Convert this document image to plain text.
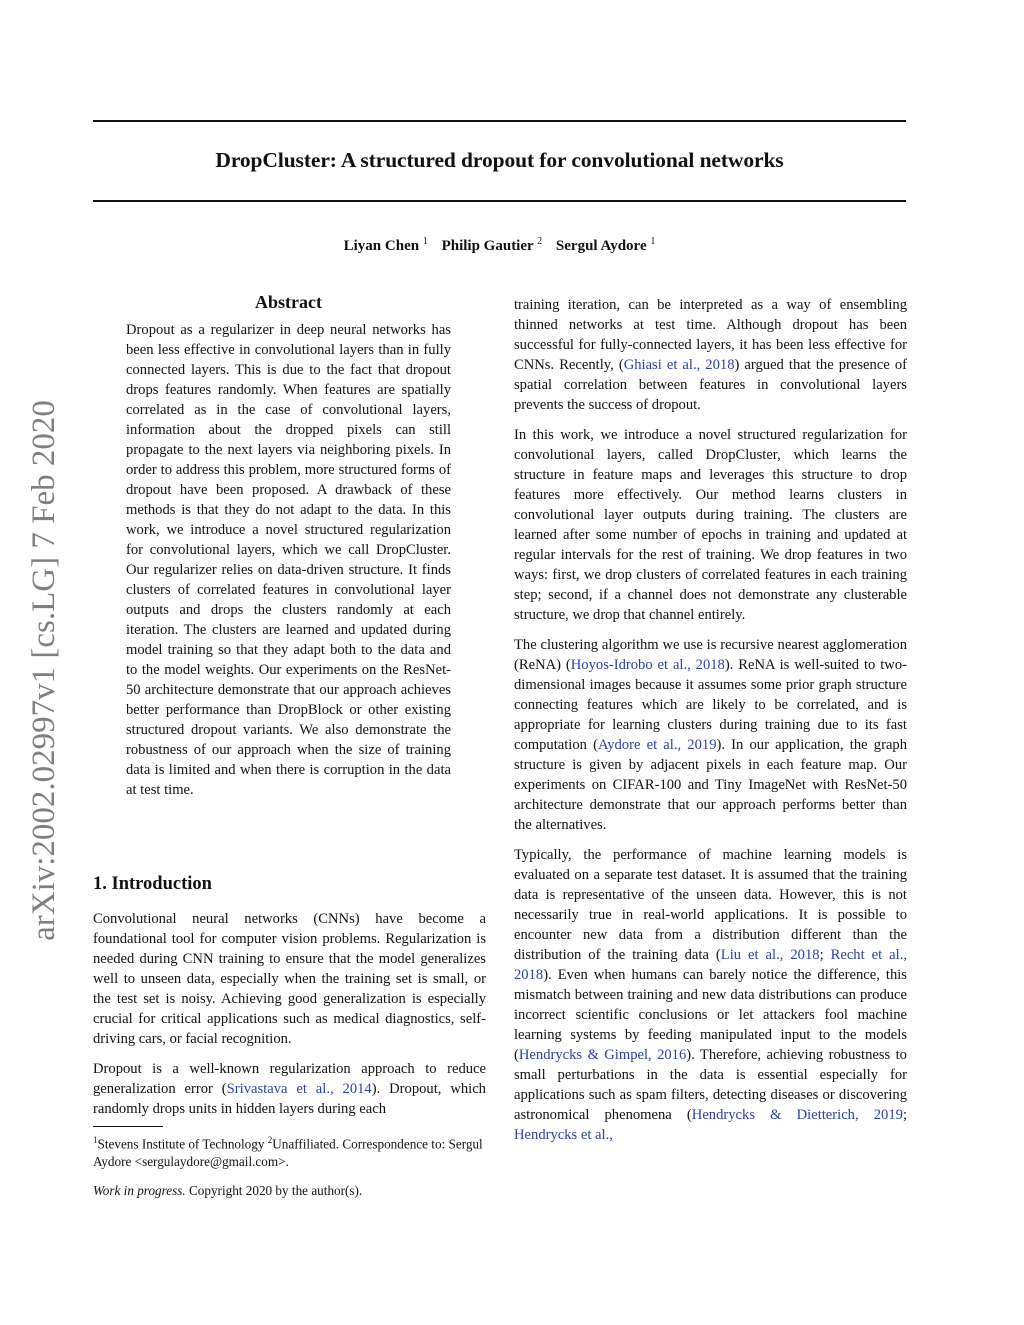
arXiv:2002.02997v1 [cs.LG] 7 Feb 2020
DropCluster: A structured dropout for convolutional networks
Liyan Chen $^1$ Philip Gautier $^2$ Sergul Aydore $^1$
Abstract
Dropout as a regularizer in deep neural networks has been less effective in convolutional layers than in fully connected layers. This is due to the fact that dropout drops features randomly. When features are spatially correlated as in the case of convolutional layers, information about the dropped pixels can still propagate to the next layers via neighboring pixels. In order to address this problem, more structured forms of dropout have been proposed. A drawback of these methods is that they do not adapt to the data. In this work, we introduce a novel structured regularization for convolutional layers, which we call DropCluster. Our regularizer relies on data-driven structure. It finds clusters of correlated features in convolutional layer outputs and drops the clusters randomly at each iteration. The clusters are learned and updated during model training so that they adapt both to the data and to the model weights. Our experiments on the ResNet-50 architecture demonstrate that our approach achieves better performance than DropBlock or other existing structured dropout variants. We also demonstrate the robustness of our approach when the size of training data is limited and when there is corruption in the data at test time.
1. Introduction

Convolutional neural networks (CNNs) have become a foundational tool for computer vision problems. Regularization is needed during CNN training to ensure that the model generalizes well to unseen data, especially when the training set is small, or the test set is noisy. Achieving good generalization is especially crucial for critical applications such as medical diagnostics, self-driving cars, or facial recognition.

Dropout is a well-known regularization approach to reduce generalization error (Srivastava et al., 2014). Dropout, which randomly drops units in hidden layers during each

training iteration, can be interpreted as a way of ensembling thinned networks at test time. Although dropout has been successful for fully-connected layers, it has been less effective for CNNs. Recently, (Ghiasi et al., 2018) argued that the presence of spatial correlation between features in convolutional layers prevents the success of dropout.

In this work, we introduce a novel structured regularization for convolutional layers, called DropCluster, which learns the structure in feature maps and leverages this structure to drop features more effectively. Our method learns clusters in convolutional layer outputs during training. The clusters are learned after some number of epochs in training and updated at regular intervals for the rest of training. We drop features in two ways: first, we drop clusters of correlated features in each training step; second, if a channel does not demonstrate any clusterable structure, we drop that channel entirely.

The clustering algorithm we use is recursive nearest agglomeration (ReNA) (Hoyos-Idrobo et al., 2018). ReNA is well-suited to two-dimensional images because it assumes some prior graph structure connecting features which are likely to be correlated, and is appropriate for learning clusters during training due to its fast computation (Aydore et al., 2019). In our application, the graph structure is given by adjacent pixels in each feature map. Our experiments on CIFAR-100 and Tiny ImageNet with ResNet-50 architecture demonstrate that our approach performs better than the alternatives.

Typically, the performance of machine learning models is evaluated on a separate test dataset. It is assumed that the training data is representative of the unseen data. However, this is not necessarily true in real-world applications. It is possible to encounter new data from a distribution different than the distribution of the training data (Liu et al., 2018; Recht et al., 2018). Even when humans can barely notice the difference, this mismatch between training and new data distributions can produce incorrect scientific conclusions or let attackers fool machine learning systems by feeding manipulated input to the models (Hendrycks & Gimpel, 2016). Therefore, achieving robustness to small perturbations in the data is essential especially for applications such as spam filters, detecting diseases or discovering astronomical phenomena (Hendrycks & Dietterich, 2019; Hendrycks et al.,

$^1$Stevens Institute of Technology $^2$Unaffiliated. Correspondence to: Sergul Aydore <sergulaydore@gmail.com>.
Work in progress. Copyright 2020 by the author(s).
